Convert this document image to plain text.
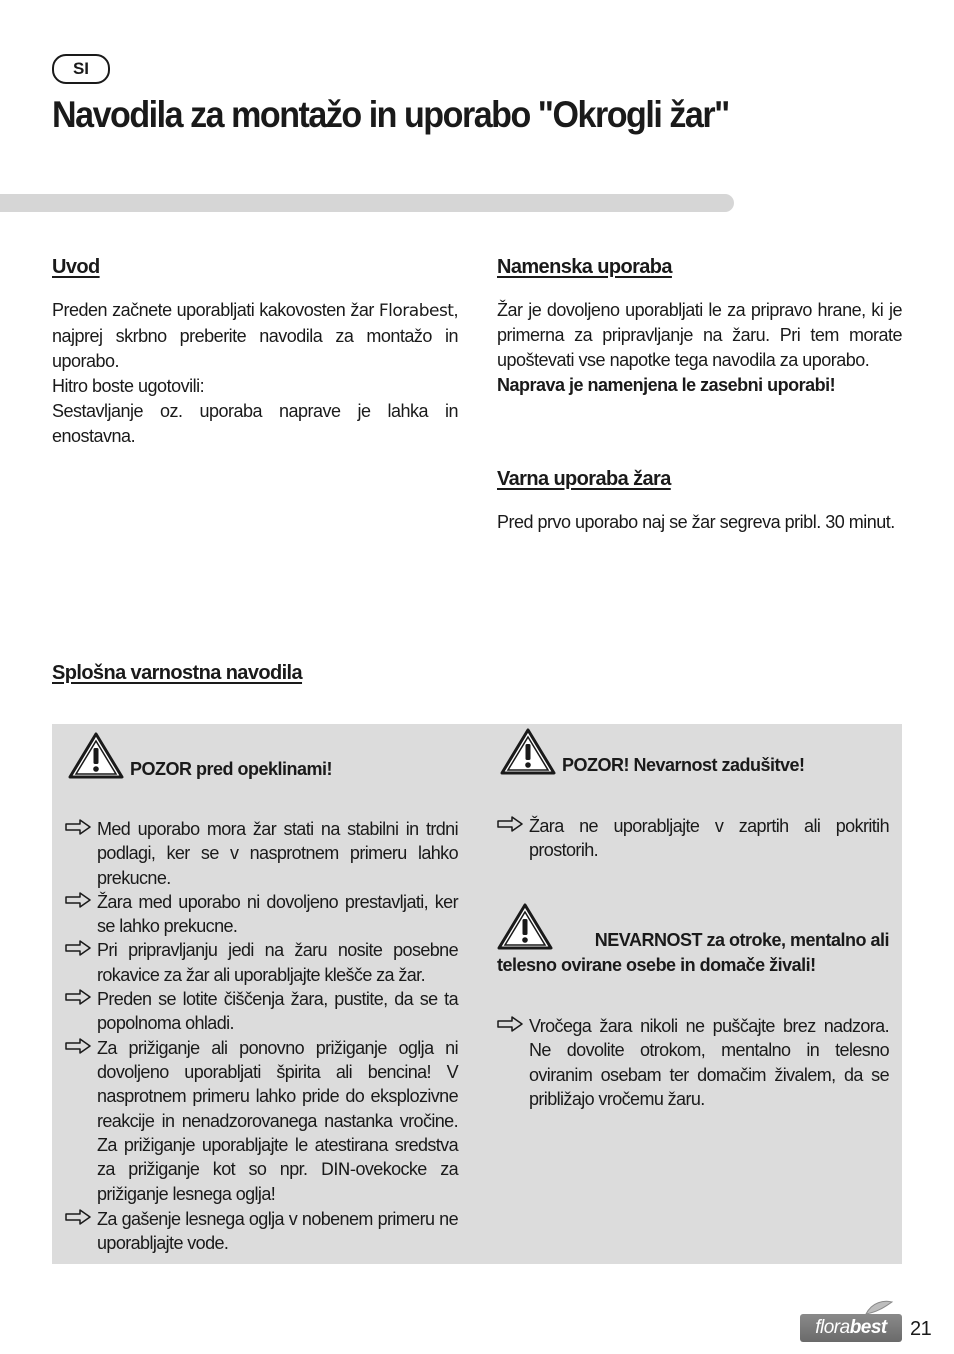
SI
Navodila za montažo in uporabo "Okrogli žar"
Uvod

Preden začnete uporabljati kakovosten žar Florabest, najprej skrbno preberite navodila za montažo in uporabo.

Hitro boste ugotovili:

Sestavljanje oz. uporaba naprave je lahka in enostavna.

Namenska uporaba

Žar je dovoljeno uporabljati le za pripravo hrane, ki je primerna za pripravljanje na žaru. Pri tem morate upoštevati vse napotke tega navodila za uporabo.

Naprava je namenjena le zasebni uporabi!

Varna uporaba žara

Pred prvo uporabo naj se žar segreva pribl. 30 minut.

Splošna varnostna navodila
POZOR pred opeklinami!
Med uporabo mora žar stati na stabilni in trdni podlagi, ker se v nasprotnem primeru lahko prekucne.
Žara med uporabo ni dovoljeno prestavljati, ker se lahko prekucne.
Pri pripravljanju jedi na žaru nosite posebne rokavice za žar ali uporabljajte klešče za žar.
Preden se lotite čiščenja žara, pustite, da se ta popolnoma ohladi.
Za prižiganje ali ponovno prižiganje oglja ni dovoljeno uporabljati špirita ali bencina! V nasprotnem primeru lahko pride do eksplozivne reakcije in nenadzorovanega nastanka vročine. Za prižiganje uporabljajte le atestirana sredstva za prižiganje kot so npr. DIN-ovekocke za prižiganje lesnega oglja!
Za gašenje lesnega oglja v nobenem primeru ne uporabljajte vode.
POZOR! Nevarnost zadušitve!
Žara ne uporabljajte v zaprtih ali pokritih prostorih.
NEVARNOST za otroke, mentalno ali
telesno ovirane osebe in domače živali!
Vročega žara nikoli ne puščajte brez nadzora. Ne dovolite otrokom, mentalno in telesno oviranim osebam ter domačim živalem, da se približajo vročemu žaru.
florabest	21
